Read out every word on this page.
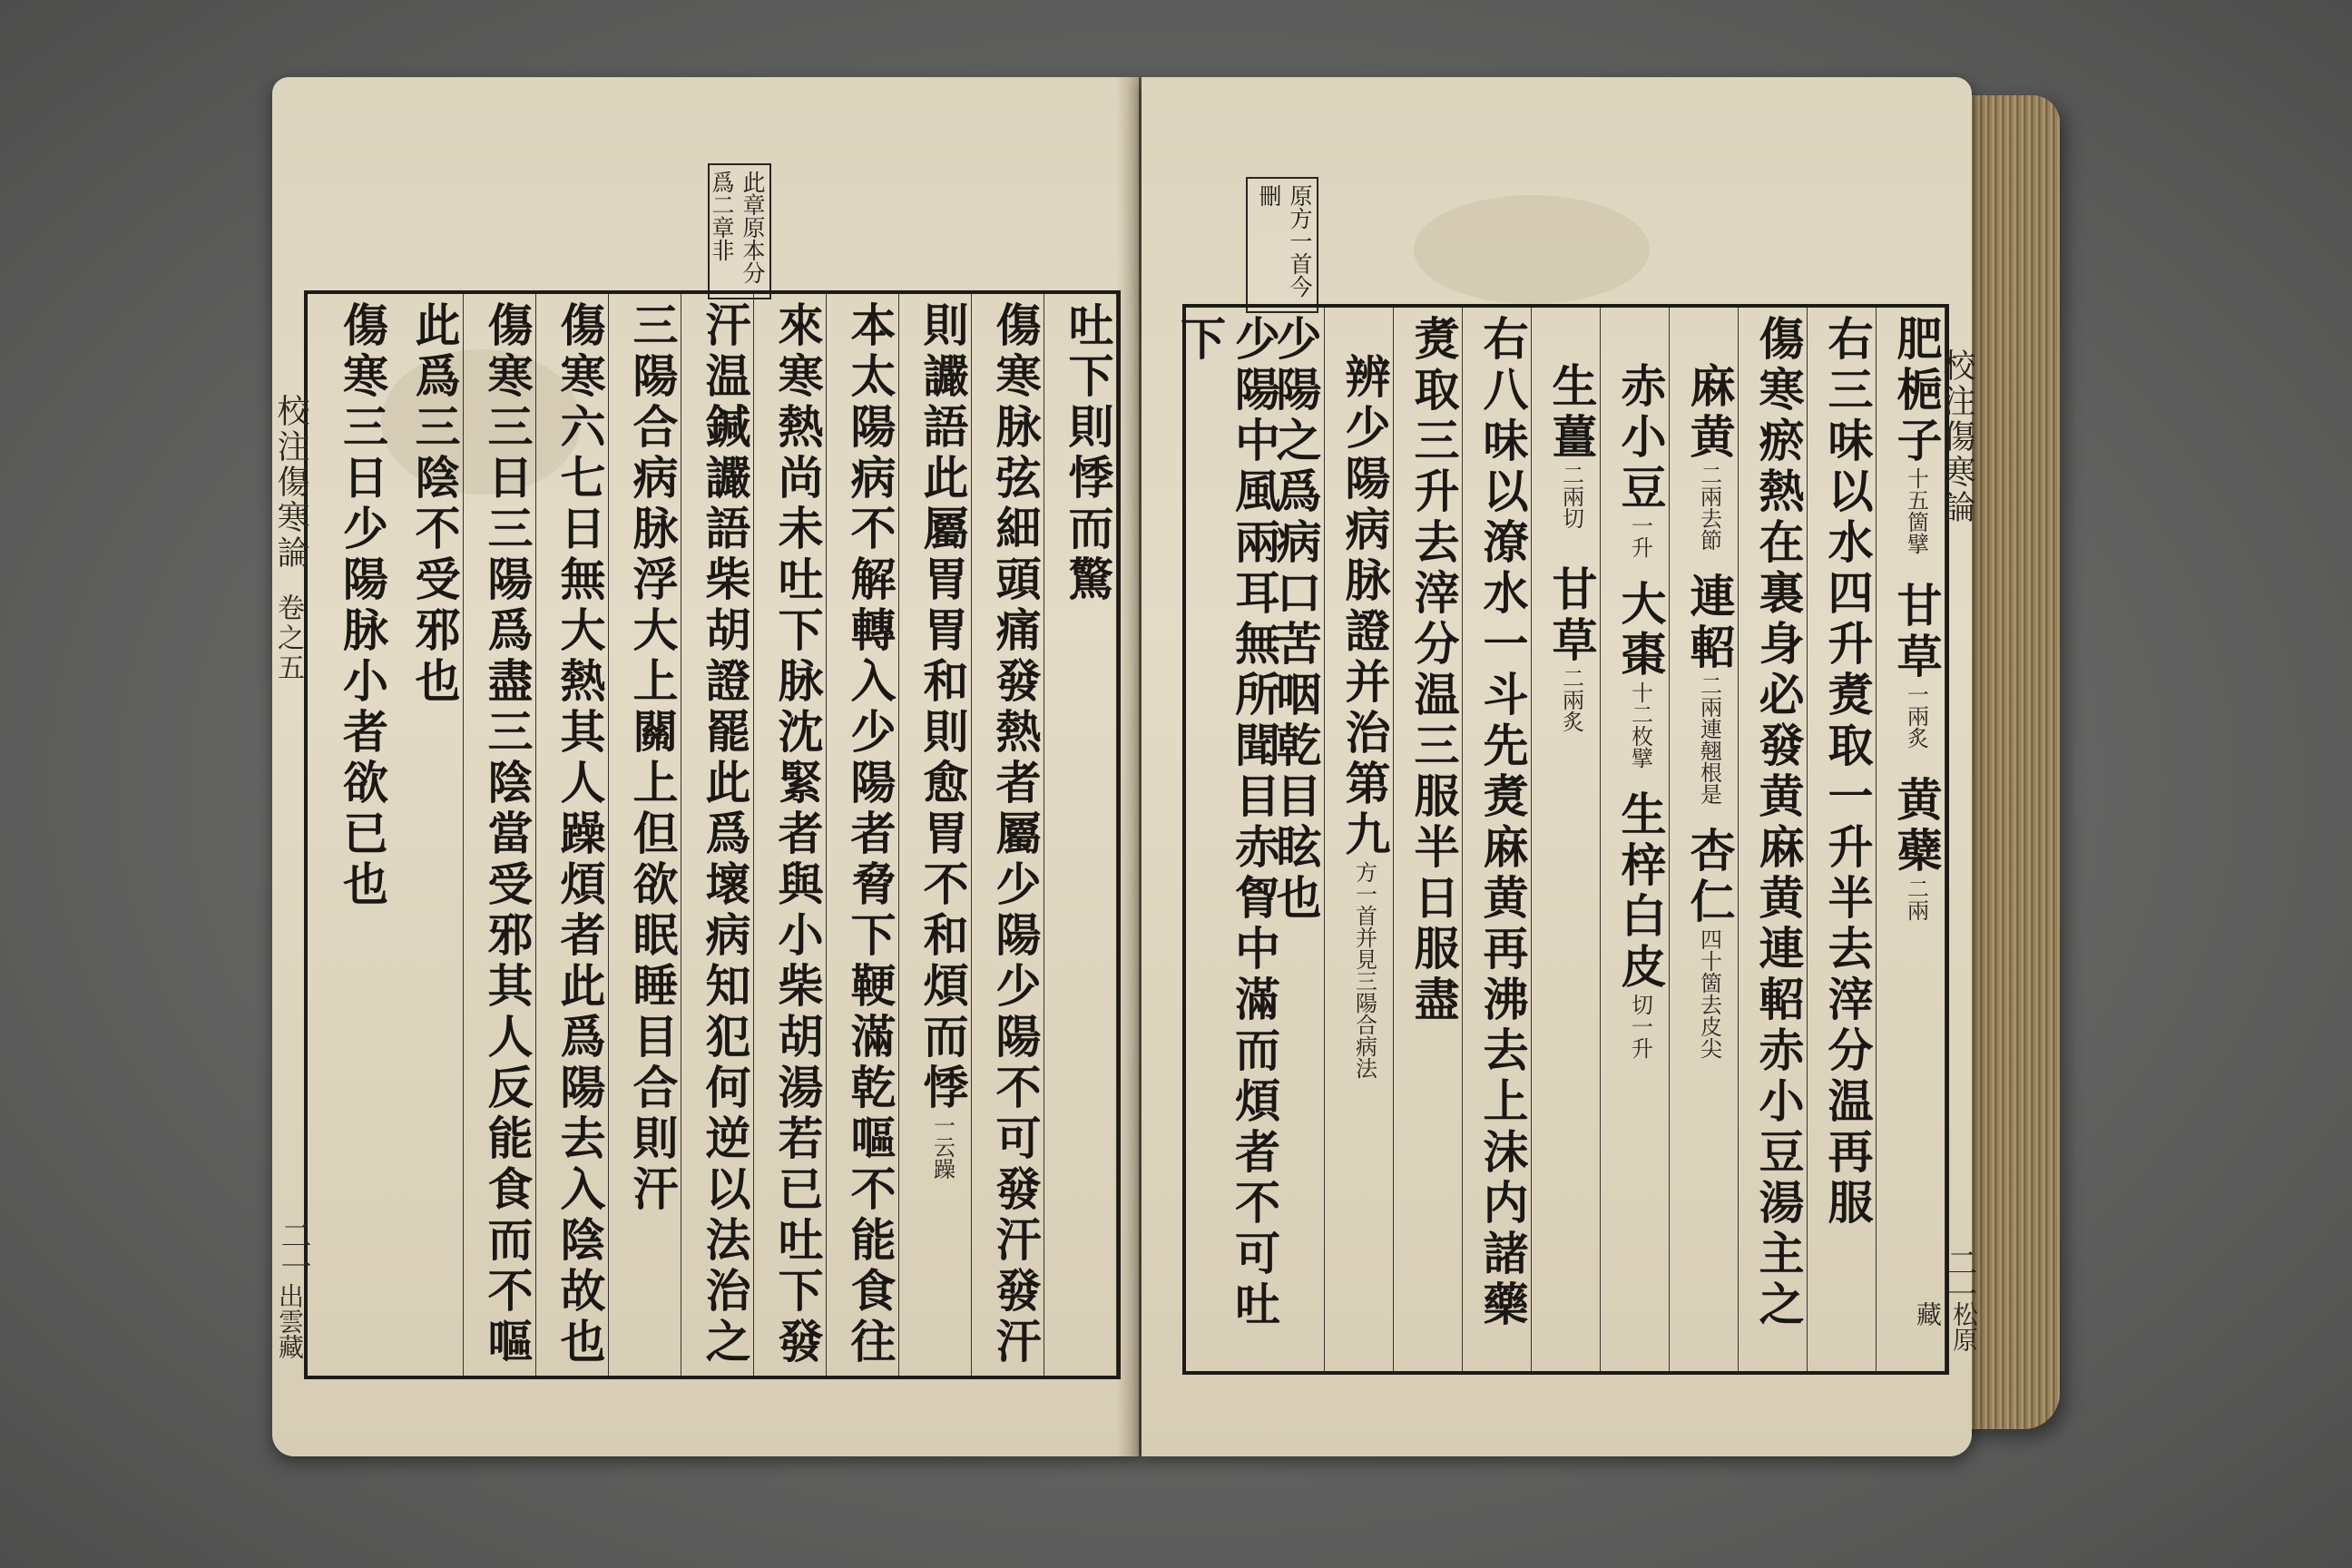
此章原本分
爲二章非
校注傷寒論
卷之五
二一
出雲藏
吐下則悸而驚
傷寒脉弦細頭痛發熱者屬少陽少陽不可發汗發汗
則讝語此屬胃胃和則愈胃不和煩而悸
一云躁
本太陽病不解轉入少陽者脅下鞕滿乾嘔不能食往
來寒熱尚未吐下脉沈緊者與小柴胡湯若已吐下發
汗温鍼讝語柴胡證罷此爲壞病知犯何逆以法治之
三陽合病脉浮大上關上但欲眠睡目合則汗
傷寒六七日無大熱其人躁煩者此爲陽去入陰故也
傷寒三日三陽爲盡三陰當受邪其人反能食而不嘔
此爲三陰不受邪也
傷寒三日少陽脉小者欲已也
原方一首今
刪
校注傷寒論
二一
松原藏
肥梔子
十五箇擘
甘草
一兩炙
黄蘗
二兩
右三味以水四升煑取一升半去滓分温再服
傷寒瘀熱在裏身必發黄麻黄連軺赤小豆湯主之
麻黄
二兩去節
連軺
二兩連翹根是
杏仁
四十箇去皮尖
赤小豆
一升
大棗
十二枚擘
生梓白皮
切一升
生薑
二兩切
甘草
二兩炙
右八味以潦水一斗先煑麻黄再沸去上沫内諸藥
煑取三升去滓分温三服半日服盡
辨少陽病脉證并治第九
方一首并見三陽合病法
少陽之爲病口苦咽乾目眩也
少陽中風兩耳無所聞目赤胷中滿而煩者不可吐下
